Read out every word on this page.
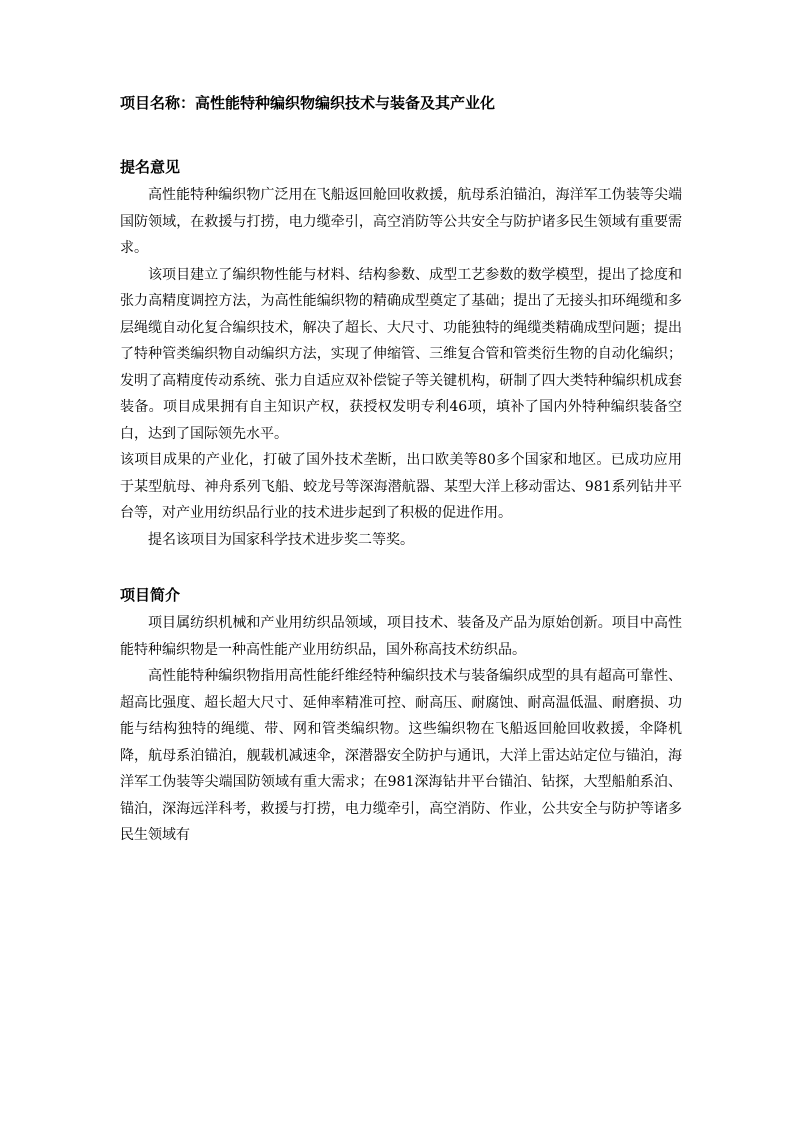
项目名称：高性能特种编织物编织技术与装备及其产业化

提名意见

高性能特种编织物广泛用在飞船返回舱回收救援，航母系泊锚泊，海洋军工伪装等尖端国防领域，在救援与打捞，电力缆牵引，高空消防等公共安全与防护诸多民生领域有重要需求。

该项目建立了编织物性能与材料、结构参数、成型工艺参数的数学模型，提出了捻度和张力高精度调控方法，为高性能编织物的精确成型奠定了基础；提出了无接头扣环绳缆和多层绳缆自动化复合编织技术，解决了超长、大尺寸、功能独特的绳缆类精确成型问题；提出了特种管类编织物自动编织方法，实现了伸缩管、三维复合管和管类衍生物的自动化编织；发明了高精度传动系统、张力自适应双补偿锭子等关键机构，研制了四大类特种编织机成套装备。项目成果拥有自主知识产权，获授权发明专利46项，填补了国内外特种编织装备空白，达到了国际领先水平。

该项目成果的产业化，打破了国外技术垄断，出口欧美等80多个国家和地区。已成功应用于某型航母、神舟系列飞船、蛟龙号等深海潜航器、某型大洋上移动雷达、981系列钻井平台等，对产业用纺织品行业的技术进步起到了积极的促进作用。

提名该项目为国家科学技术进步奖二等奖。

项目简介

项目属纺织机械和产业用纺织品领域，项目技术、装备及产品为原始创新。项目中高性能特种编织物是一种高性能产业用纺织品，国外称高技术纺织品。

高性能特种编织物指用高性能纤维经特种编织技术与装备编织成型的具有超高可靠性、超高比强度、超长超大尺寸、延伸率精准可控、耐高压、耐腐蚀、耐高温低温、耐磨损、功能与结构独特的绳缆、带、网和管类编织物。这些编织物在飞船返回舱回收救援，伞降机降，航母系泊锚泊，舰载机减速伞，深潜器安全防护与通讯，大洋上雷达站定位与锚泊，海洋军工伪装等尖端国防领域有重大需求；在981深海钻井平台锚泊、钻探，大型船舶系泊、锚泊，深海远洋科考，救援与打捞，电力缆牵引，高空消防、作业，公共安全与防护等诸多民生领域有
